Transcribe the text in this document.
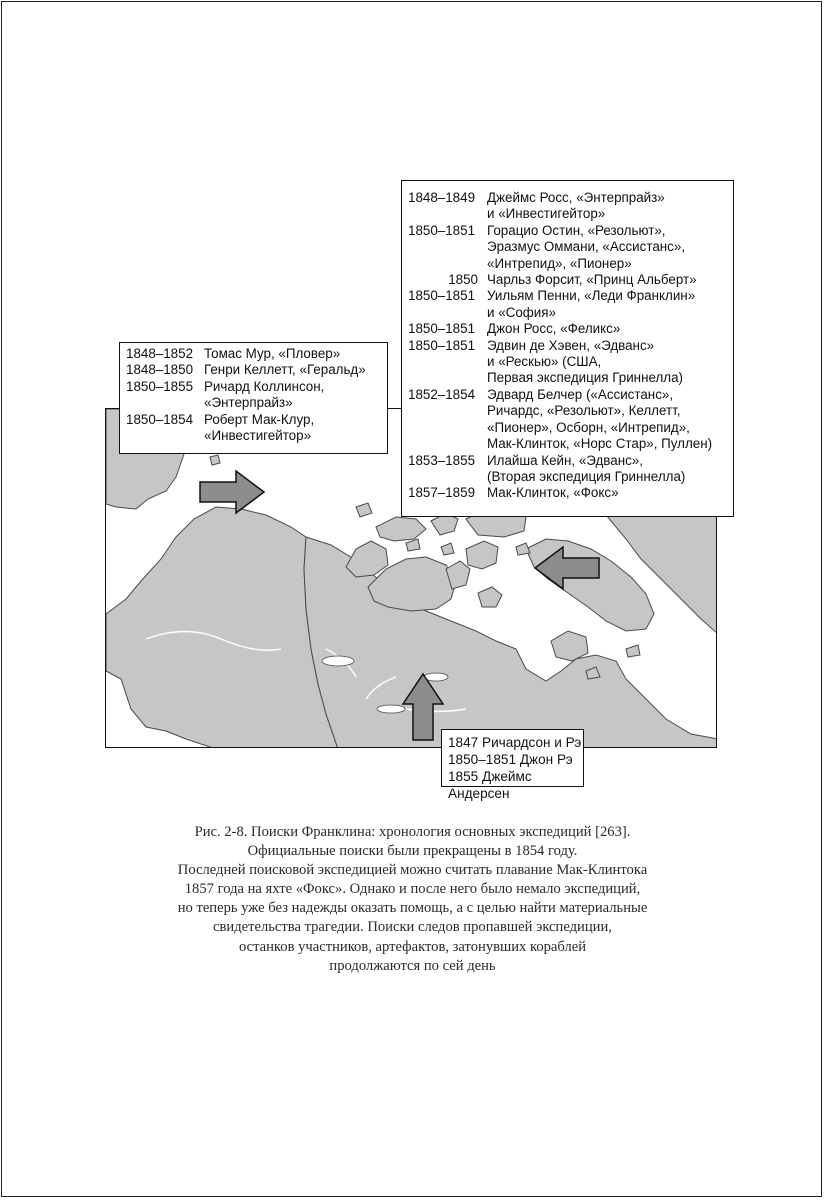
1848–1852 Томас Мур, «Пловер»
1848–1850 Генри Келлетт, «Геральд»
1850–1855 Ричард Коллинсон,
«Энтерпрайз»
1850–1854 Роберт Мак-Клур,
«Инвестигейтор»
1848–1849 Джеймс Росс, «Энтерпрайз»
и «Инвестигейтор»
1850–1851 Горацио Остин, «Резольют»,
Эразмус Оммани, «Ассистанс»,
«Интрепид», «Пионер»
1850 Чарльз Форсит, «Принц Альберт»
1850–1851 Уильям Пенни, «Леди Франклин»
и «София»
1850–1851 Джон Росс, «Феликс»
1850–1851 Эдвин де Хэвен, «Эдванс»
и «Рескью» (США,
Первая экспедиция Гриннелла)
1852–1854 Эдвард Белчер («Ассистанс»,
Ричардс, «Резольют», Келлетт,
«Пионер», Осборн, «Интрепид»,
Мак-Клинток, «Норс Стар», Пуллен)
1853–1855 Илайша Кейн, «Эдванс»,
(Вторая экспедиция Гриннелла)
1857–1859 Мак-Клинток, «Фокс»
1847 Ричардсон и Рэ
1850–1851 Джон Рэ
1855 Джеймс Андерсен
Рис. 2-8. Поиски Франклина: хронология основных экспедиций [263].
Официальные поиски были прекращены в 1854 году.
Последней поисковой экспедицией можно считать плавание Мак-Клинтока
1857 года на яхте «Фокс». Однако и после него было немало экспедиций,
но теперь уже без надежды оказать помощь, а с целью найти материальные
свидетельства трагедии. Поиски следов пропавшей экспедиции,
останков участников, артефактов, затонувших кораблей
продолжаются по сей день
